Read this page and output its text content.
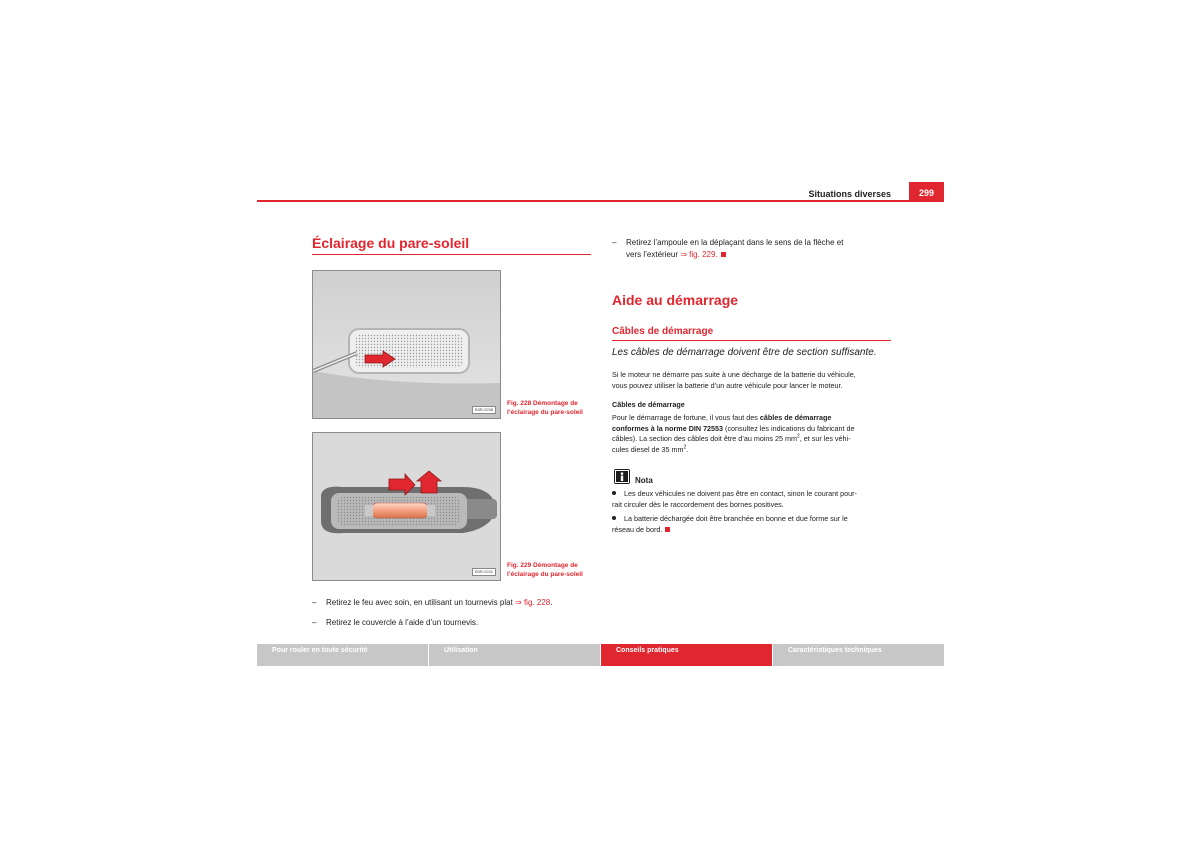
Situations diverses	299
Éclairage du pare-soleil
B3R-0238
Fig. 228 Démontage de
l’éclairage du pare-soleil
B3R-0231
Fig. 229 Démontage de
l’éclairage du pare-soleil
– Retirez le feu avec soin, en utilisant un tournevis plat ⇒ fig. 228.
– Retirez le couvercle à l’aide d’un tournevis.
– Retirez l’ampoule en la déplaçant dans le sens de la flèche et
vers l’extérieur ⇒ fig. 229.
Aide au démarrage
Câbles de démarrage
Les câbles de démarrage doivent être de section suffisante.
Si le moteur ne démarre pas suite à une décharge de la batterie du véhicule,
vous pouvez utiliser la batterie d’un autre véhicule pour lancer le moteur.
Câbles de démarrage
Pour le démarrage de fortune, il vous faut des câbles de démarrage
conformes à la norme DIN 72553 (consultez les indications du fabricant de
câbles). La section des câbles doit être d’au moins 25 $mm^2$, et sur les véhi-
cules diesel de 35 $mm^2$.
Nota
Les deux véhicules ne doivent pas être en contact, sinon le courant pour-
rait circuler dès le raccordement des bornes positives.
La batterie déchargée doit être branchée en bonne et due forme sur le
réseau de bord.
Pour rouler en toute sécurité	Utilisation	Conseils pratiques	Caractéristiques techniques
